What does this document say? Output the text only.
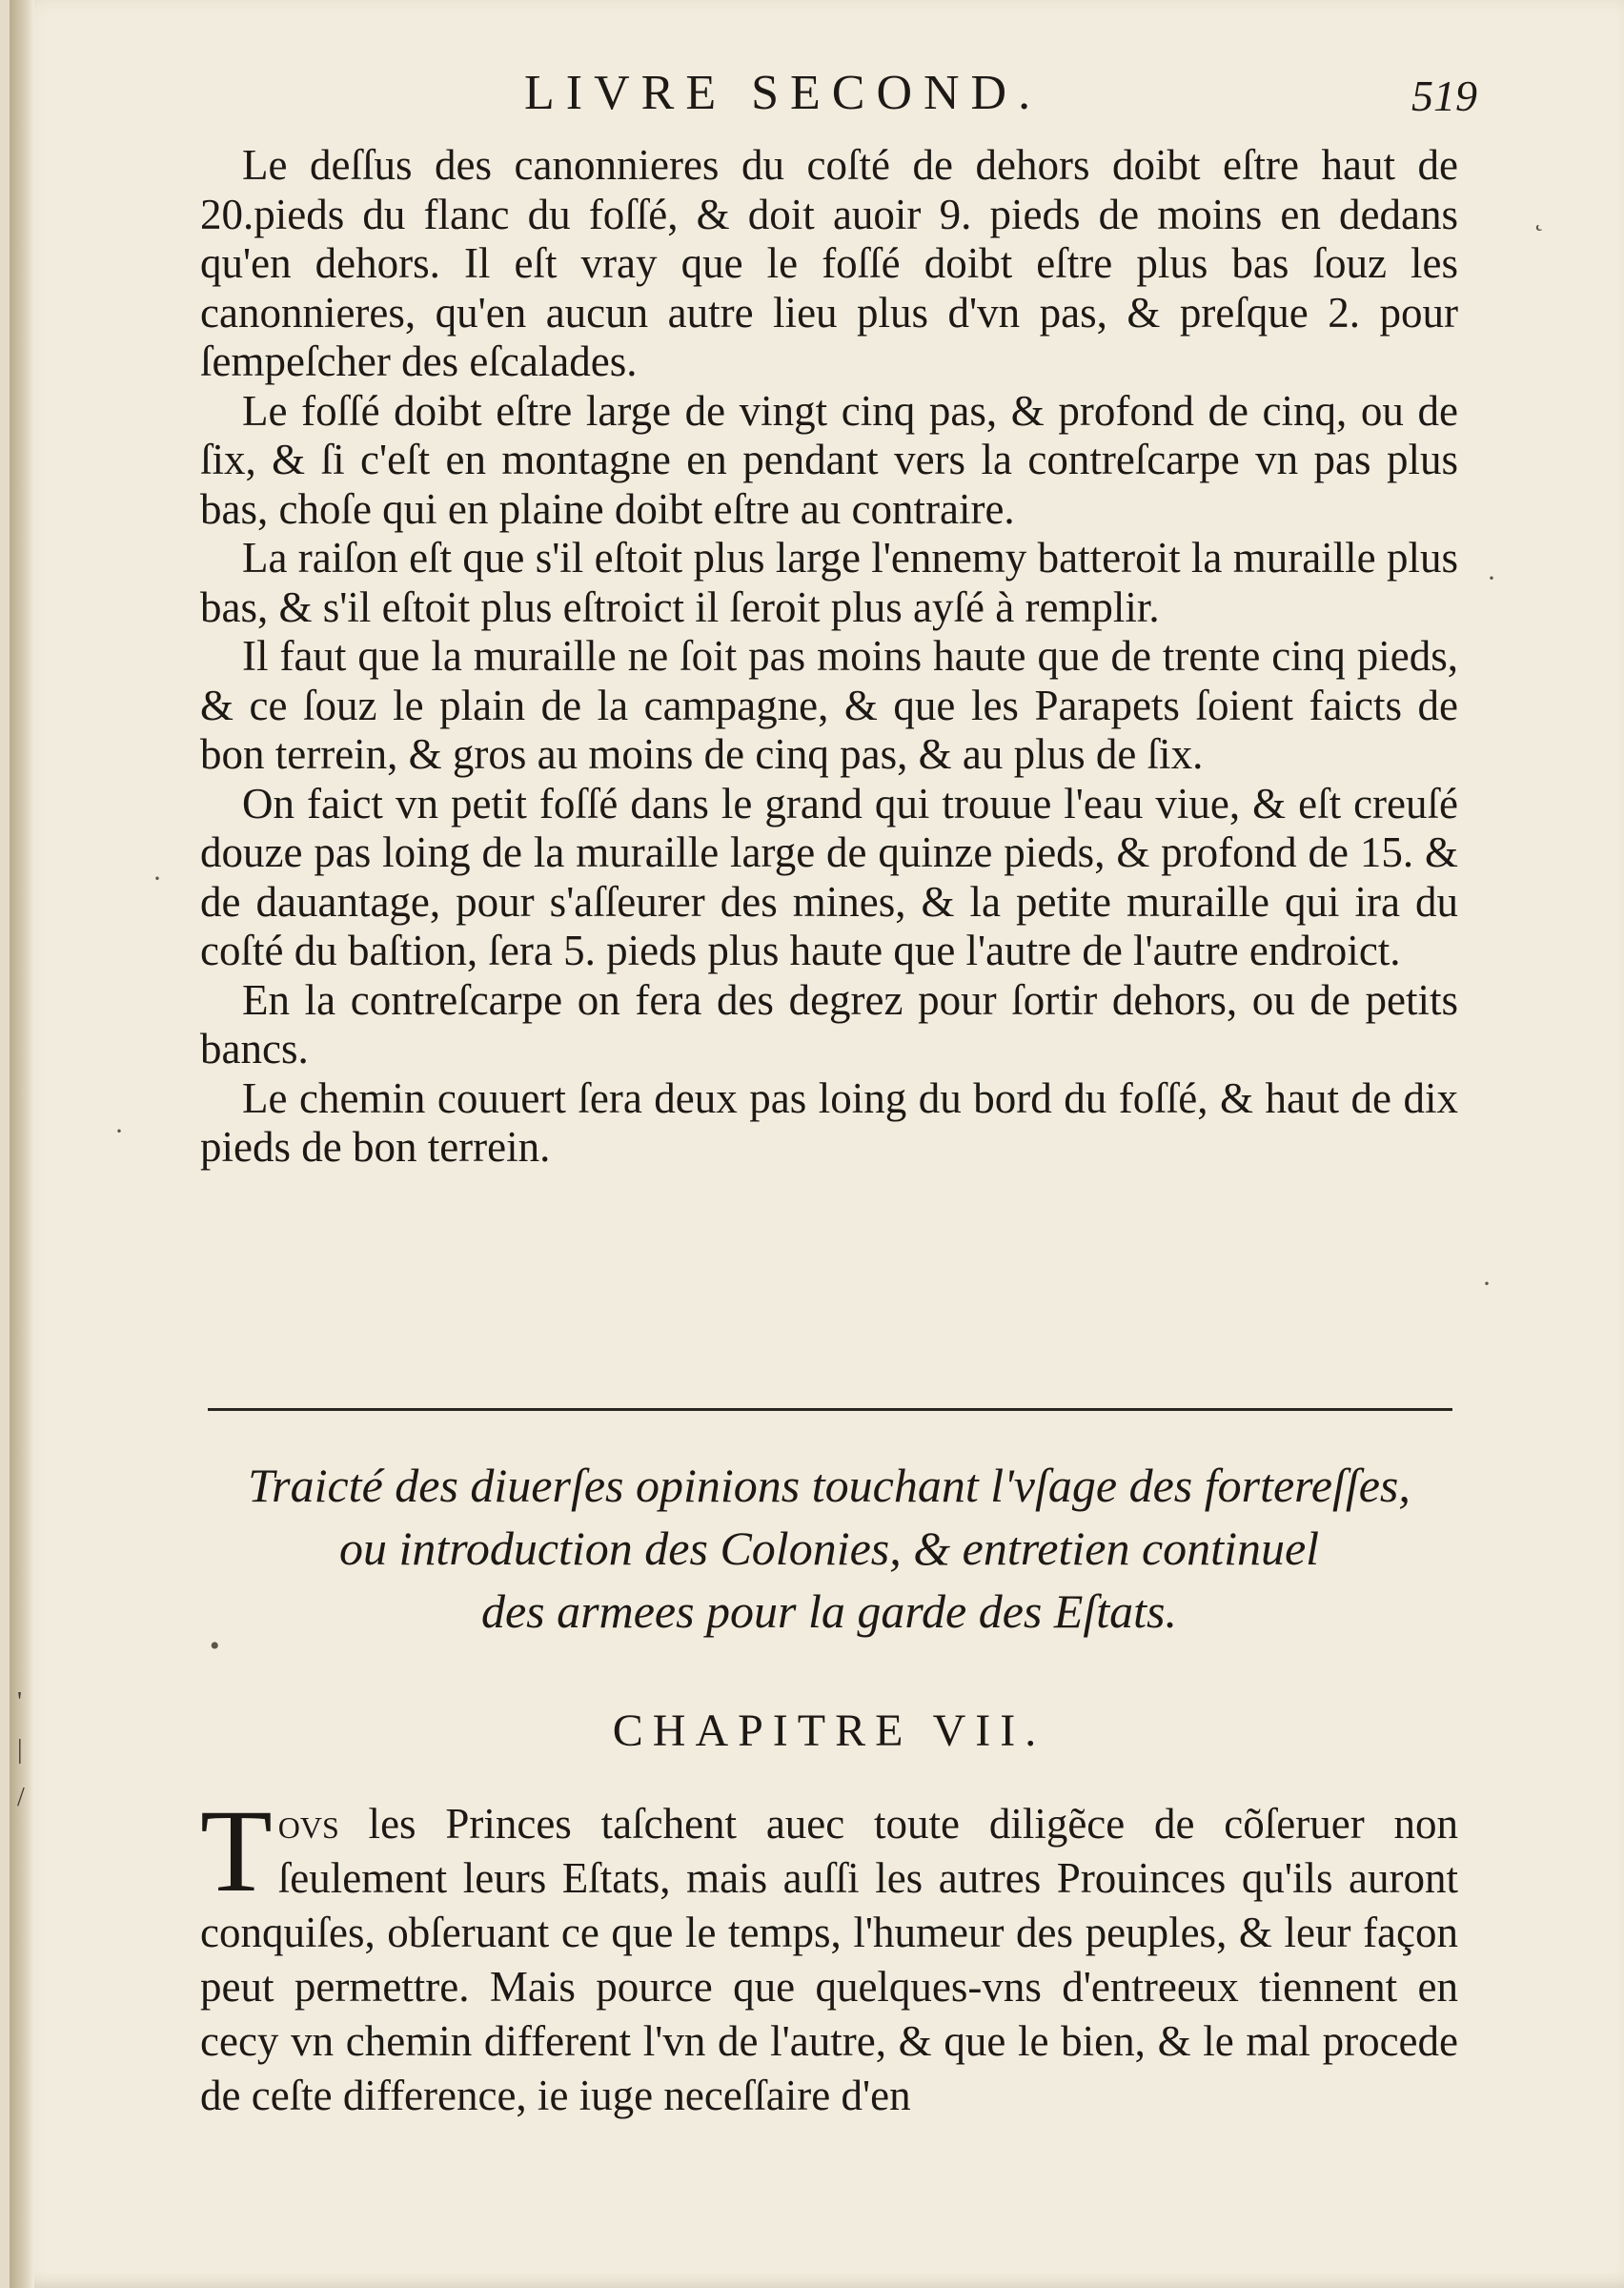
LIVRE SECOND.	519

Le deſſus des canonnieres du coſté de dehors doibt eſtre haut de 20.pieds du flanc du foſſé, & doit auoir 9. pieds de moins en dedans qu'en dehors. Il eſt vray que le foſſé doibt eſtre plus bas ſouz les canonnieres, qu'en aucun autre lieu plus d'vn pas, & preſque 2. pour ſempeſcher des eſcalades.

Le foſſé doibt eſtre large de vingt cinq pas, & profond de cinq, ou de ſix, & ſi c'eſt en montagne en pendant vers la contreſcarpe vn pas plus bas, choſe qui en plaine doibt eſtre au contraire.

La raiſon eſt que s'il eſtoit plus large l'ennemy batteroit la muraille plus bas, & s'il eſtoit plus eſtroict il ſeroit plus ayſé à remplir.

Il faut que la muraille ne ſoit pas moins haute que de trente cinq pieds, & ce ſouz le plain de la campagne, & que les Parapets ſoient faicts de bon terrein, & gros au moins de cinq pas, & au plus de ſix.

On faict vn petit foſſé dans le grand qui trouue l'eau viue, & eſt creuſé douze pas loing de la muraille large de quinze pieds, & profond de 15. & de dauantage, pour s'aſſeurer des mines, & la petite muraille qui ira du coſté du baſtion, ſera 5. pieds plus haute que l'autre de l'autre endroict.

En la contreſcarpe on fera des degrez pour ſortir dehors, ou de petits bancs.

Le chemin couuert ſera deux pas loing du bord du foſſé, & haut de dix pieds de bon terrein.

Traicté des diuerſes opinions touchant l'vſage des fortereſſes,
ou introduction des Colonies, & entretien continuel
des armees pour la garde des Eſtats.
CHAPITRE VII.
Tovs les Princes taſchent auec toute diligẽce de cõſeruer non ſeulement leurs Eſtats, mais auſſi les autres Prouinces qu'ils auront conquiſes, obſeruant ce que le temps, l'humeur des peuples, & leur façon peut permettre. Mais pource que quelques-vns d'entreeux tiennent en cecy vn chemin different l'vn de l'autre, & que le bien, & le mal procede de ceſte difference, ie iuge neceſſaire d'en
˛
·
·
·
·
•
'
|
/
